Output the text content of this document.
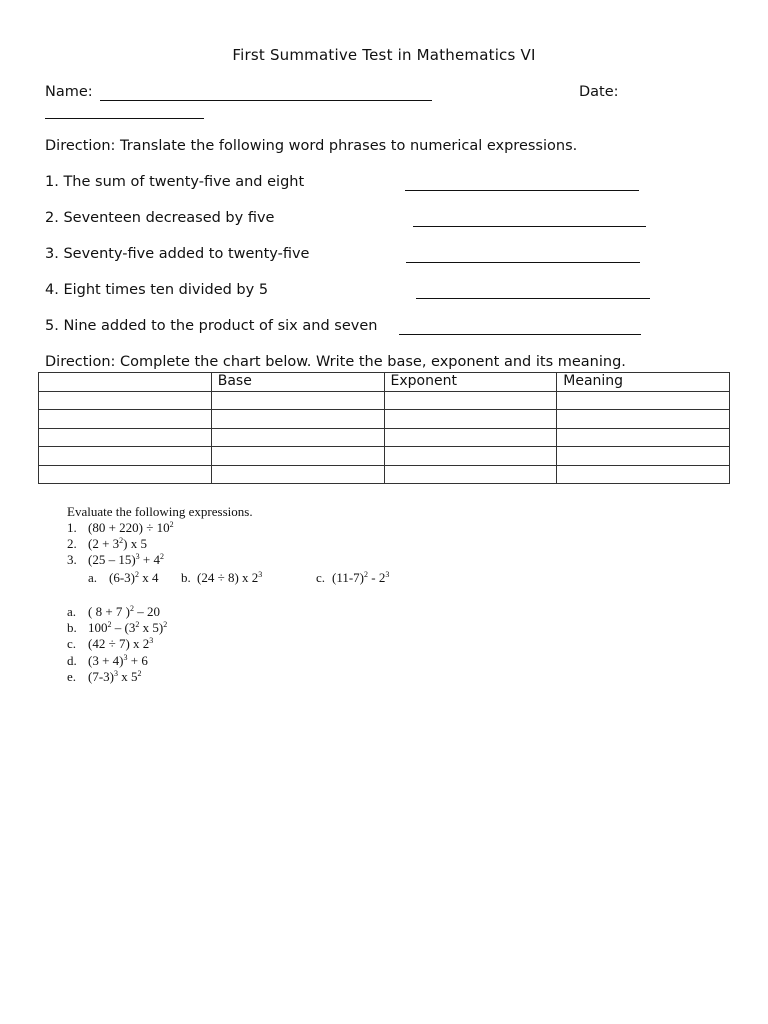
First Summative Test in Mathematics VI
Name:	Date:
Direction: Translate the following word phrases to numerical expressions.
1. The sum of twenty-five and eight
2. Seventeen decreased by five
3. Seventy-five added to twenty-five
4. Eight times ten divided by 5
5. Nine added to the product of six and seven
Direction: Complete the chart below. Write the base, exponent and its meaning.
	Base	Exponent	Meaning

Evaluate the following expressions.
1. $(80 + 220) \div 10^2$
2. $(2 + 3^2)$ x 5
3. $(25 - 15)^3 + 4^2$
a. $(6-3)^2$ x 4 b. (24 ÷ 8) x $2^3$	c. $(11-7)^2 - 2^3$
a. ( 8 + 7 )$^2$ – 20
b. $100^2 - (3^2$ x 5)$^2$
c. (42 ÷ 7) x $2^3$
d. $(3 + 4)^3 + 6$
e. $(7-3)^3$ x $5^2$
